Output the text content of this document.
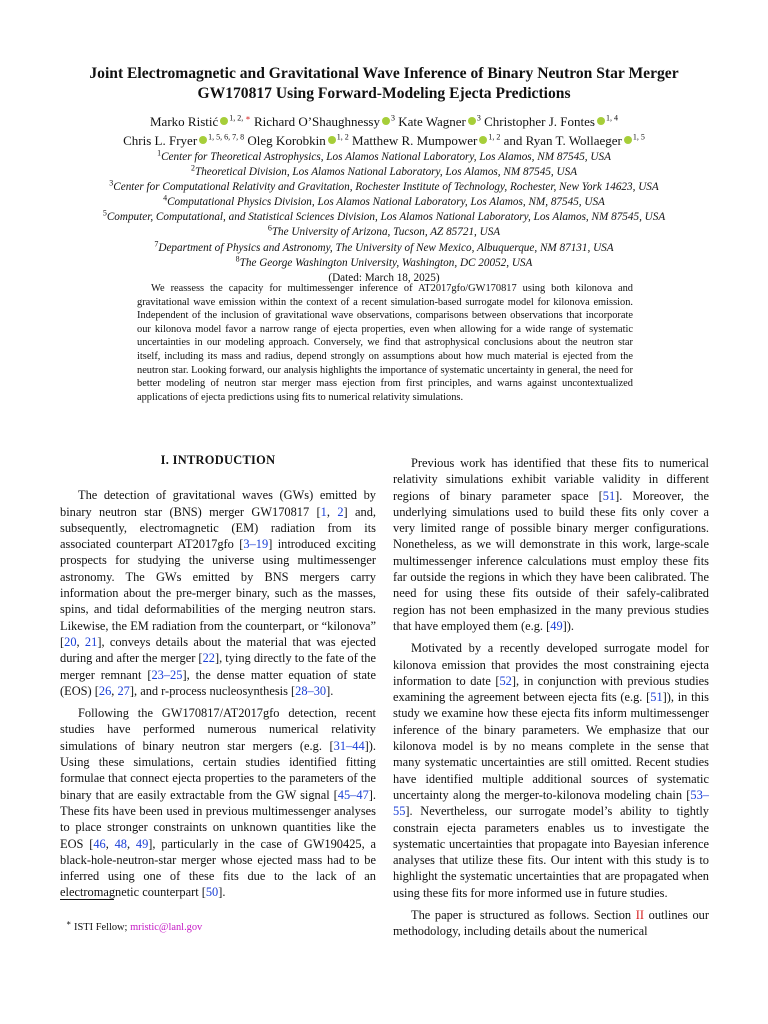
Joint Electromagnetic and Gravitational Wave Inference of Binary Neutron Star Merger GW170817 Using Forward-Modeling Ejecta Predictions
Marko Ristić $^{1, 2, ∗}$ Richard O’Shaughnessy $^3$ Kate Wagner $^3$ Christopher J. Fontes $^{1, 4}$
Chris L. Fryer $^{1, 5, 6, 7, 8}$ Oleg Korobkin $^{1, 2}$ Matthew R. Mumpower $^{1, 2}$ and Ryan T. Wollaeger $^{1, 5}$
$^1$Center for Theoretical Astrophysics, Los Alamos National Laboratory, Los Alamos, NM 87545, USA
$^2$Theoretical Division, Los Alamos National Laboratory, Los Alamos, NM 87545, USA
$^3$Center for Computational Relativity and Gravitation, Rochester Institute of Technology, Rochester, New York 14623, USA
$^4$Computational Physics Division, Los Alamos National Laboratory, Los Alamos, NM, 87545, USA
$^5$Computer, Computational, and Statistical Sciences Division, Los Alamos National Laboratory, Los Alamos, NM 87545, USA
$^6$The University of Arizona, Tucson, AZ 85721, USA
$^7$Department of Physics and Astronomy, The University of New Mexico, Albuquerque, NM 87131, USA
$^8$The George Washington University, Washington, DC 20052, USA
(Dated: March 18, 2025)
We reassess the capacity for multimessenger inference of AT2017gfo/GW170817 using both kilonova and gravitational wave emission within the context of a recent simulation-based surrogate model for kilonova emission. Independent of the inclusion of gravitational wave observations, comparisons between observations that incorporate our kilonova model favor a narrow range of ejecta properties, even when allowing for a wide range of systematic uncertainties in our modeling approach. Conversely, we find that astrophysical conclusions about the neutron star itself, including its mass and radius, depend strongly on assumptions about how much material is ejected from the neutron star. Looking forward, our analysis highlights the importance of systematic uncertainty in general, the need for better modeling of neutron star merger mass ejection from first principles, and warns against uncontextualized applications of ejecta predictions using fits to numerical relativity simulations.
I. INTRODUCTION

The detection of gravitational waves (GWs) emitted by binary neutron star (BNS) merger GW170817 [1, 2] and, subsequently, electromagnetic (EM) radiation from its associated counterpart AT2017gfo [3–19] introduced exciting prospects for studying the universe using multimessenger astronomy. The GWs emitted by BNS mergers carry information about the pre-merger binary, such as the masses, spins, and tidal deformabilities of the merging neutron stars. Likewise, the EM radiation from the counterpart, or “kilonova” [20, 21], conveys details about the material that was ejected during and after the merger [22], tying directly to the fate of the merger remnant [23–25], the dense matter equation of state (EOS) [26, 27], and r-process nucleosynthesis [28–30].

Following the GW170817/AT2017gfo detection, recent studies have performed numerous numerical relativity simulations of binary neutron star mergers (e.g. [31–44]). Using these simulations, certain studies identified fitting formulae that connect ejecta properties to the parameters of the binary that are easily extractable from the GW signal [45–47]. These fits have been used in previous multimessenger analyses to place stronger constraints on unknown quantities like the EOS [46, 48, 49], particularly in the case of GW190425, a black-hole-neutron-star merger whose ejected mass had to be inferred using one of these fits due to the lack of an electromagnetic counterpart [50].

Previous work has identified that these fits to numerical relativity simulations exhibit variable validity in different regions of binary parameter space [51]. Moreover, the underlying simulations used to build these fits only cover a very limited range of possible binary merger configurations. Nonetheless, as we will demonstrate in this work, large-scale multimessenger inference calculations must employ these fits far outside the regions in which they have been calibrated. The need for using these fits outside of their safely-calibrated region has not been emphasized in the many previous studies that have employed them (e.g. [49]).

Motivated by a recently developed surrogate model for kilonova emission that provides the most constraining ejecta information to date [52], in conjunction with previous studies examining the agreement between ejecta fits (e.g. [51]), in this study we examine how these ejecta fits inform multimessenger inference of the binary parameters. We emphasize that our kilonova model is by no means complete in the sense that many systematic uncertainties are still omitted. Recent studies have identified multiple additional sources of systematic uncertainty along the merger-to-kilonova modeling chain [53–55]. Nevertheless, our surrogate model’s ability to tightly constrain ejecta parameters enables us to investigate the systematic uncertainties that propagate into Bayesian inference analyses that utilize these fits. Our intent with this study is to highlight the systematic uncertainties that are propagated when using these fits for more informed use in future studies.

The paper is structured as follows. Section II outlines our methodology, including details about the numerical

∗ ISTI Fellow; mristic@lanl.gov
